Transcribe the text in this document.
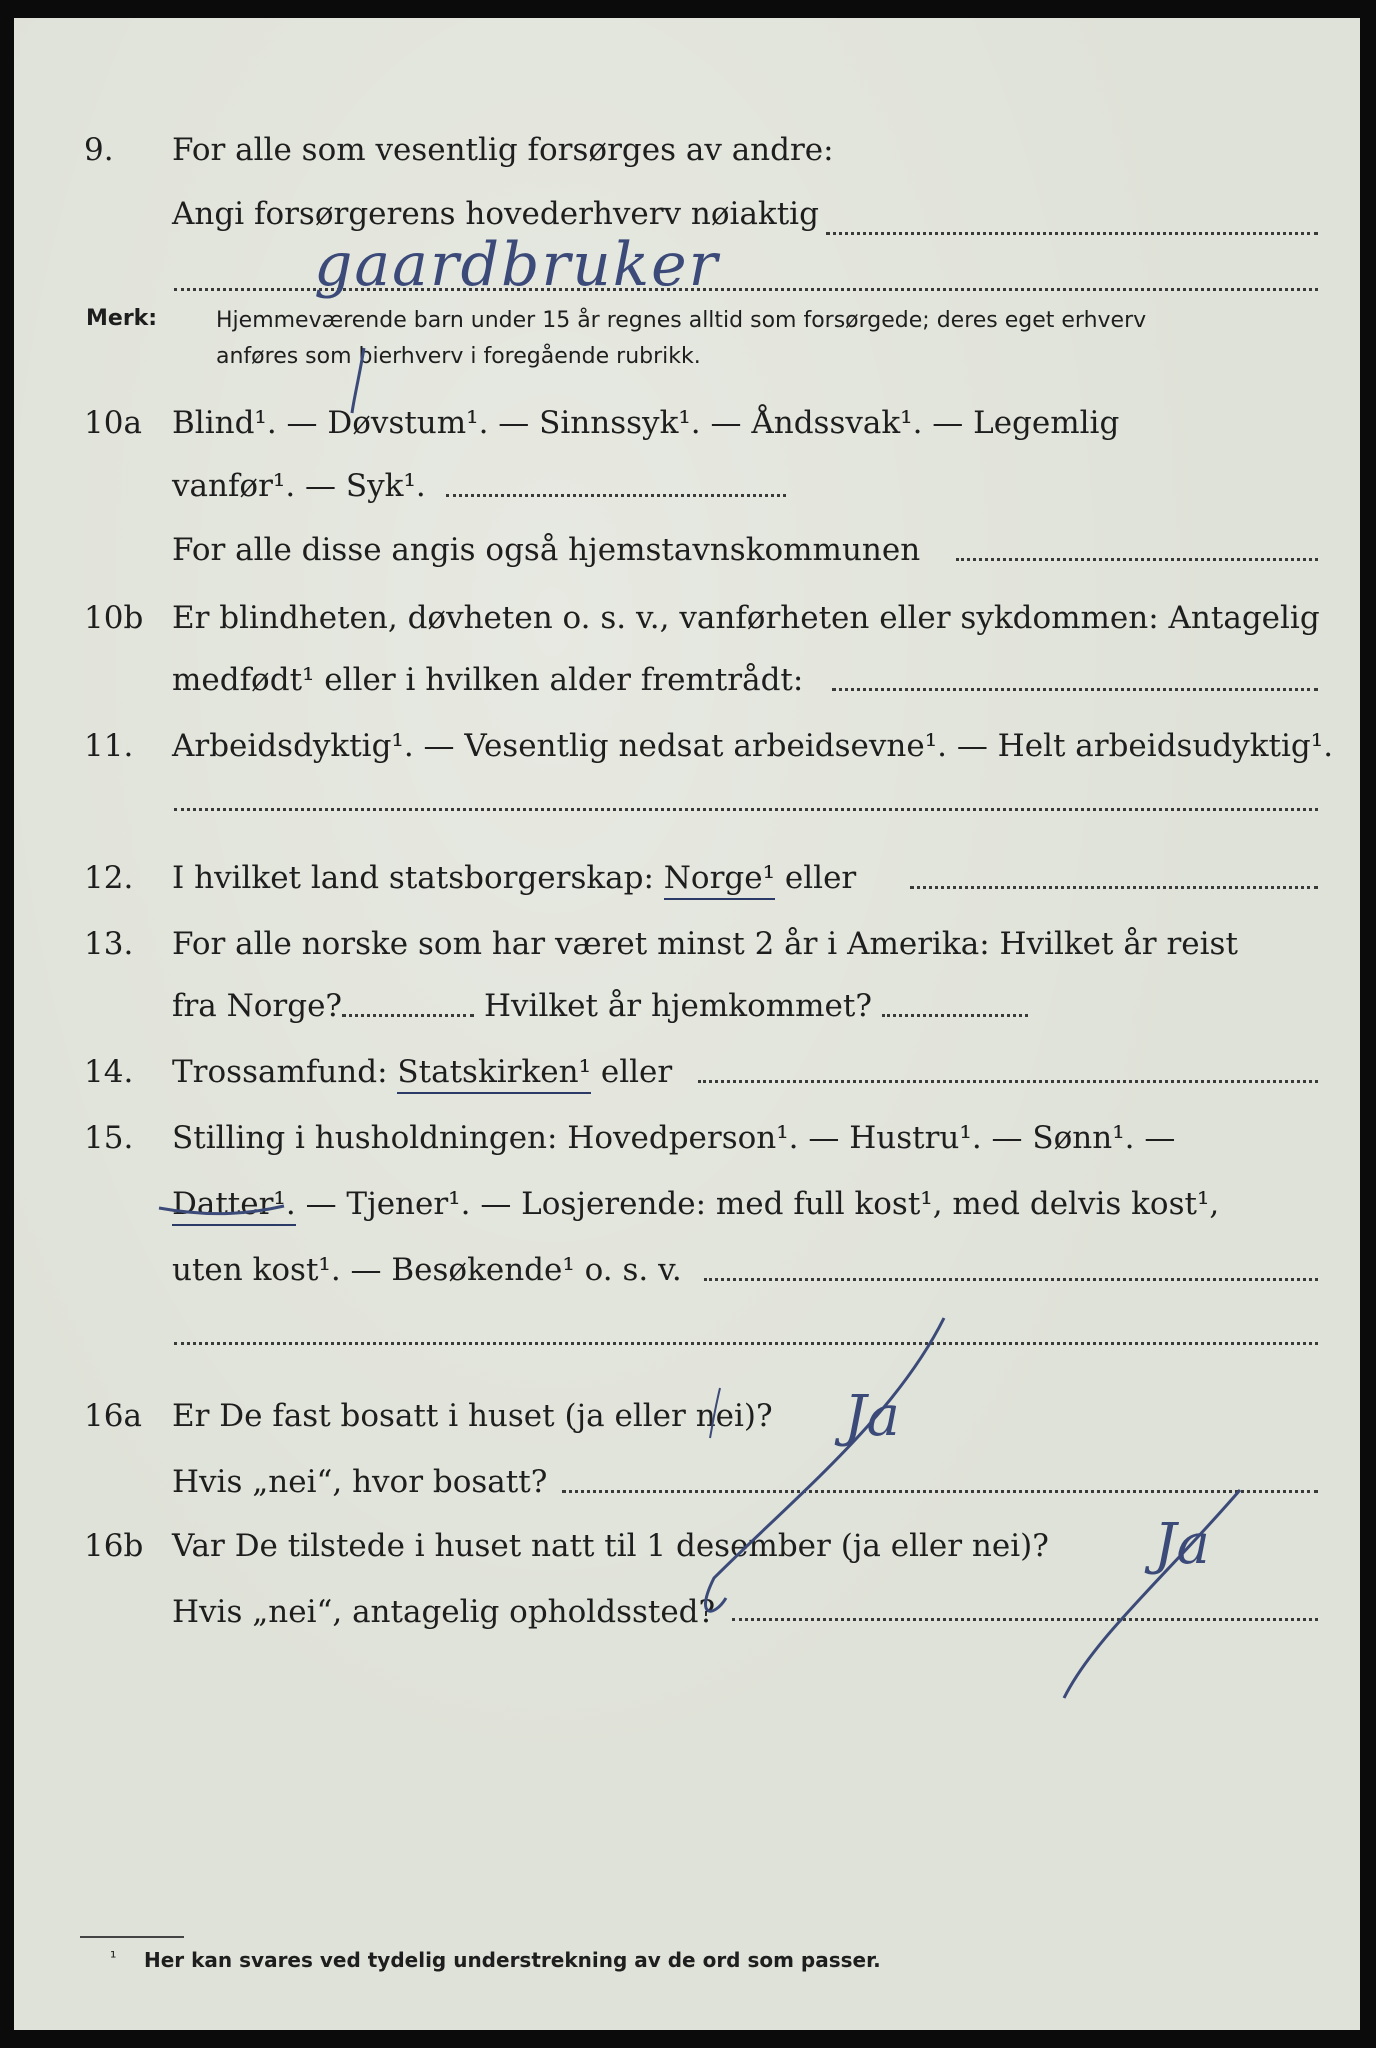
9. For alle som vesentlig forsørges av andre:
Angi forsørgerens hovederhverv nøiaktig
gaardbruker
Merk:	Hjemmeværende barn under 15 år regnes alltid som forsørgede; deres eget erhverv
anføres som bierhverv i foregående rubrikk.
10a Blind¹. — Døvstum¹. — Sinnssyk¹. — Åndssvak¹. — Legemlig
vanfør¹. — Syk¹.
For alle disse angis også hjemstavnskommunen
10b Er blindheten, døvheten o. s. v., vanførheten eller sykdommen: Antagelig
medfødt¹ eller i hvilken alder fremtrådt:
11. Arbeidsdyktig¹. — Vesentlig nedsat arbeidsevne¹. — Helt arbeidsudyktig¹.
12. I hvilket land statsborgerskap: Norge¹ eller
13. For alle norske som har været minst 2 år i Amerika: Hvilket år reist
fra Norge?	Hvilket år hjemkommet?
14. Trossamfund: Statskirken¹ eller
15. Stilling i husholdningen: Hovedperson¹. — Hustru¹. — Sønn¹. —
Datter¹. — Tjener¹. — Losjerende: med full kost¹, med delvis kost¹,
uten kost¹. — Besøkende¹ o. s. v.
16a Er De fast bosatt i huset (ja eller nei)? Ja
Hvis „nei“, hvor bosatt?
16b Var De tilstede i huset natt til 1 desember (ja eller nei)? Ja
Hvis „nei“, antagelig opholdssted?
¹ Her kan svares ved tydelig understrekning av de ord som passer.
